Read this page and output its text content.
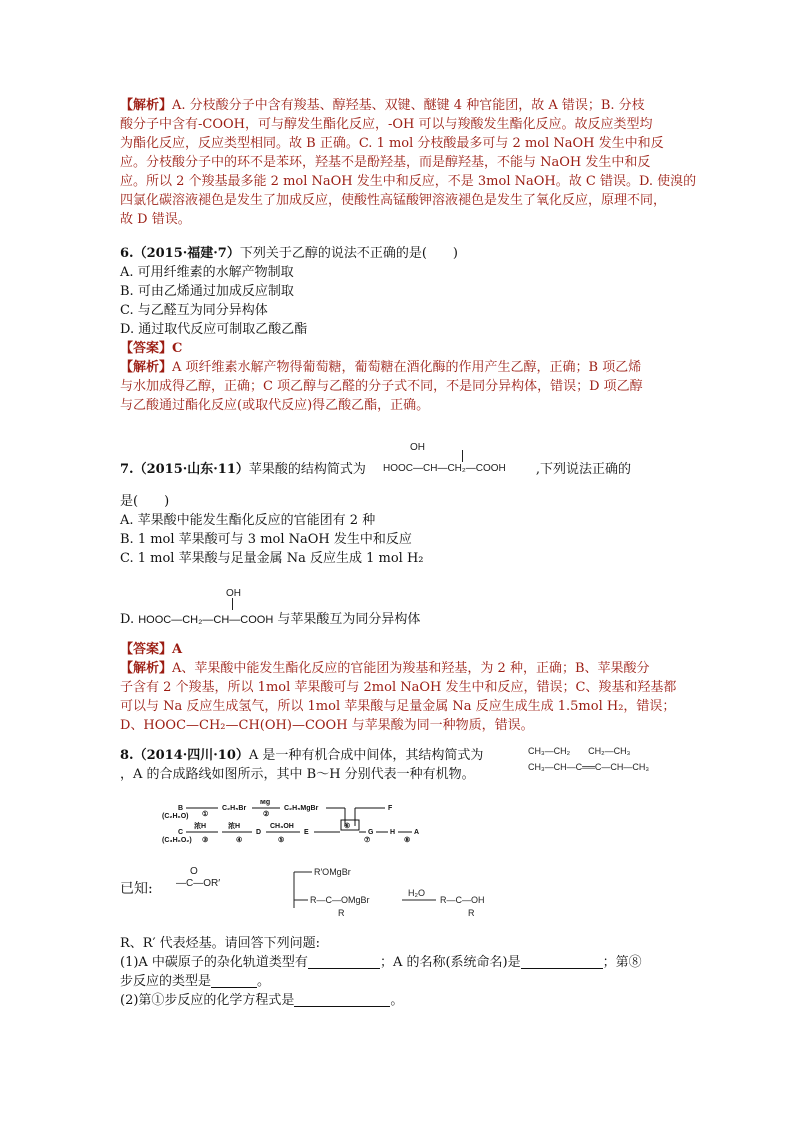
【解析】A. 分枝酸分子中含有羧基、醇羟基、双键、醚键 4 种官能团，故 A 错误；B. 分枝
酸分子中含有-COOH，可与醇发生酯化反应，-OH 可以与羧酸发生酯化反应。故反应类型均
为酯化反应，反应类型相同。故 B 正确。C. 1 mol 分枝酸最多可与 2 mol NaOH 发生中和反
应。分枝酸分子中的环不是苯环，羟基不是酚羟基，而是醇羟基，不能与 NaOH 发生中和反
应。所以 2 个羧基最多能 2 mol NaOH 发生中和反应，不是 3mol NaOH。故 C 错误。D. 使溴的
四氯化碳溶液褪色是发生了加成反应，使酸性高锰酸钾溶液褪色是发生了氧化反应，原理不同，故 D 错误。
6.（2015·福建·7）下列关于乙醇的说法不正确的是(　　)
A. 可用纤维素的水解产物制取
B. 可由乙烯通过加成反应制取
C. 与乙醛互为同分异构体
D. 通过取代反应可制取乙酸乙酯
【答案】C
【解析】A 项纤维素水解产物得葡萄糖，葡萄糖在酒化酶的作用产生乙醇，正确；B 项乙烯
与水加成得乙醇，正确；C 项乙醇与乙醛的分子式不同，不是同分异构体，错误；D 项乙醇
与乙酸通过酯化反应(或取代反应)得乙酸乙酯，正确。
7.（2015·山东·11）苹果酸的结构简式为	,下列说法正确的
OH
HOOC—CH—CH₂—COOH
是(　　)
A. 苹果酸中能发生酯化反应的官能团有 2 种
B. 1 mol 苹果酸可与 3 mol NaOH 发生中和反应
C. 1 mol 苹果酸与足量金属 Na 反应生成 1 mol H₂
OH
D. HOOC—CH₂—CH—COOH 与苹果酸互为同分异构体
【答案】A
【解析】A、苹果酸中能发生酯化反应的官能团为羧基和羟基，为 2 种，正确；B、苹果酸分
子含有 2 个羧基，所以 1mol 苹果酸可与 2mol NaOH 发生中和反应，错误；C、羧基和羟基都
可以与 Na 反应生成氢气，所以 1mol 苹果酸与足量金属 Na 反应生成生成 1.5mol H₂，错误；
D、HOOC—CH₂—CH(OH)—COOH 与苹果酸为同一种物质，错误。
8.（2014·四川·10）A 是一种有机合成中间体，其结构简式为
，A 的合成路线如图所示，其中 B～H 分别代表一种有机物。
CH₃—CH₂　　CH₂—CH₃
CH₃—CH—C══C—CH—CH₃
B
(C₂H₆O) ①
C₂H₅Br
Mg
②
C₂H₅MgBr	F
C
(C₃H₆O₂)
浓H
③
浓H
④
D
CH₃OH
⑤
E
⑥
⑦
G H	A
⑧
已知:
O
—C—OR′
R′OMgBr
R—C—OMgBr
R
H₂O
R—C—OH
R
R、R′ 代表烃基。请回答下列问题:
(1)A 中碳原子的杂化轨道类型有	；A 的名称(系统命名)是	；第⑧
步反应的类型是	。
(2)第①步反应的化学方程式是	。
